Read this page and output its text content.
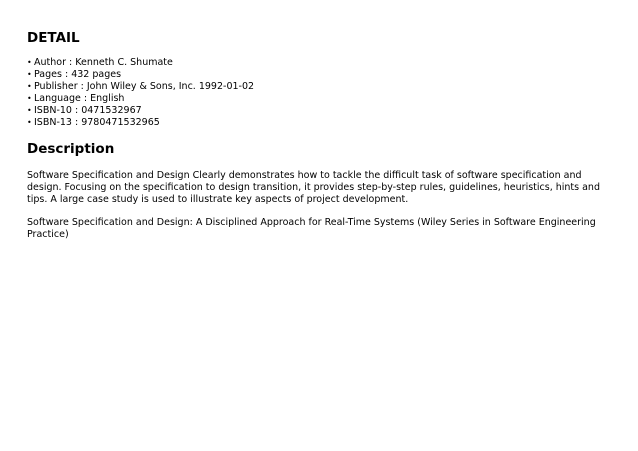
DETAIL
• Author : Kenneth C. Shumate
• Pages : 432 pages
• Publisher : John Wiley & Sons, Inc. 1992-01-02
• Language : English
• ISBN-10 : 0471532967
• ISBN-13 : 9780471532965
Description

Software Specification and Design Clearly demonstrates how to tackle the difficult task of software specification and design. Focusing on the specification to design transition, it provides step-by-step rules, guidelines, heuristics, hints and tips. A large case study is used to illustrate key aspects of project development.

Software Specification and Design: A Disciplined Approach for Real-Time Systems (Wiley Series in Software Engineering Practice)
